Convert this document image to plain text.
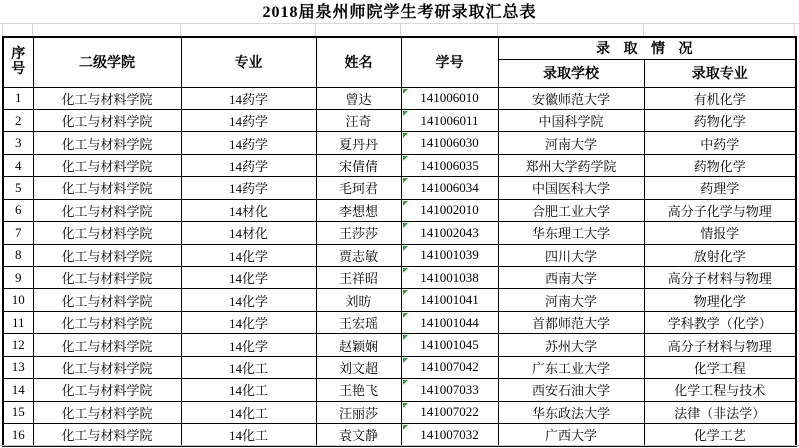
2018届泉州师院学生考研录取汇总表
序号	二级学院	专业	姓名	学号	录 取 情 况	
					录取学校	录取专业
1	化工与材料学院	14药学	曾达	141006010	安徽师范大学	有机化学
2	化工与材料学院	14药学	汪奇	141006011	中国科学院	药物化学
3	化工与材料学院	14药学	夏丹丹	141006030	河南大学	中药学
4	化工与材料学院	14药学	宋倩倩	141006035	郑州大学药学院	药物化学
5	化工与材料学院	14药学	毛珂君	141006034	中国医科大学	药理学
6	化工与材料学院	14材化	李想想	141002010	合肥工业大学	高分子化学与物理
7	化工与材料学院	14材化	王莎莎	141002043	华东理工大学	情报学
8	化工与材料学院	14化学	贾志敏	141001039	四川大学	放射化学
9	化工与材料学院	14化学	王祥昭	141001038	西南大学	高分子材料与物理
10	化工与材料学院	14化学	刘昉	141001041	河南大学	物理化学
11	化工与材料学院	14化学	王宏瑶	141001044	首都师范大学	学科教学（化学）
12	化工与材料学院	14化学	赵颖娴	141001045	苏州大学	高分子材料与物理
13	化工与材料学院	14化工	刘文超	141007042	广东工业大学	化学工程
14	化工与材料学院	14化工	王艳飞	141007033	西安石油大学	化学工程与技术
15	化工与材料学院	14化工	汪丽莎	141007022	华东政法大学	法律（非法学）
16	化工与材料学院	14化工	袁文静	141007032	广西大学	化学工艺
